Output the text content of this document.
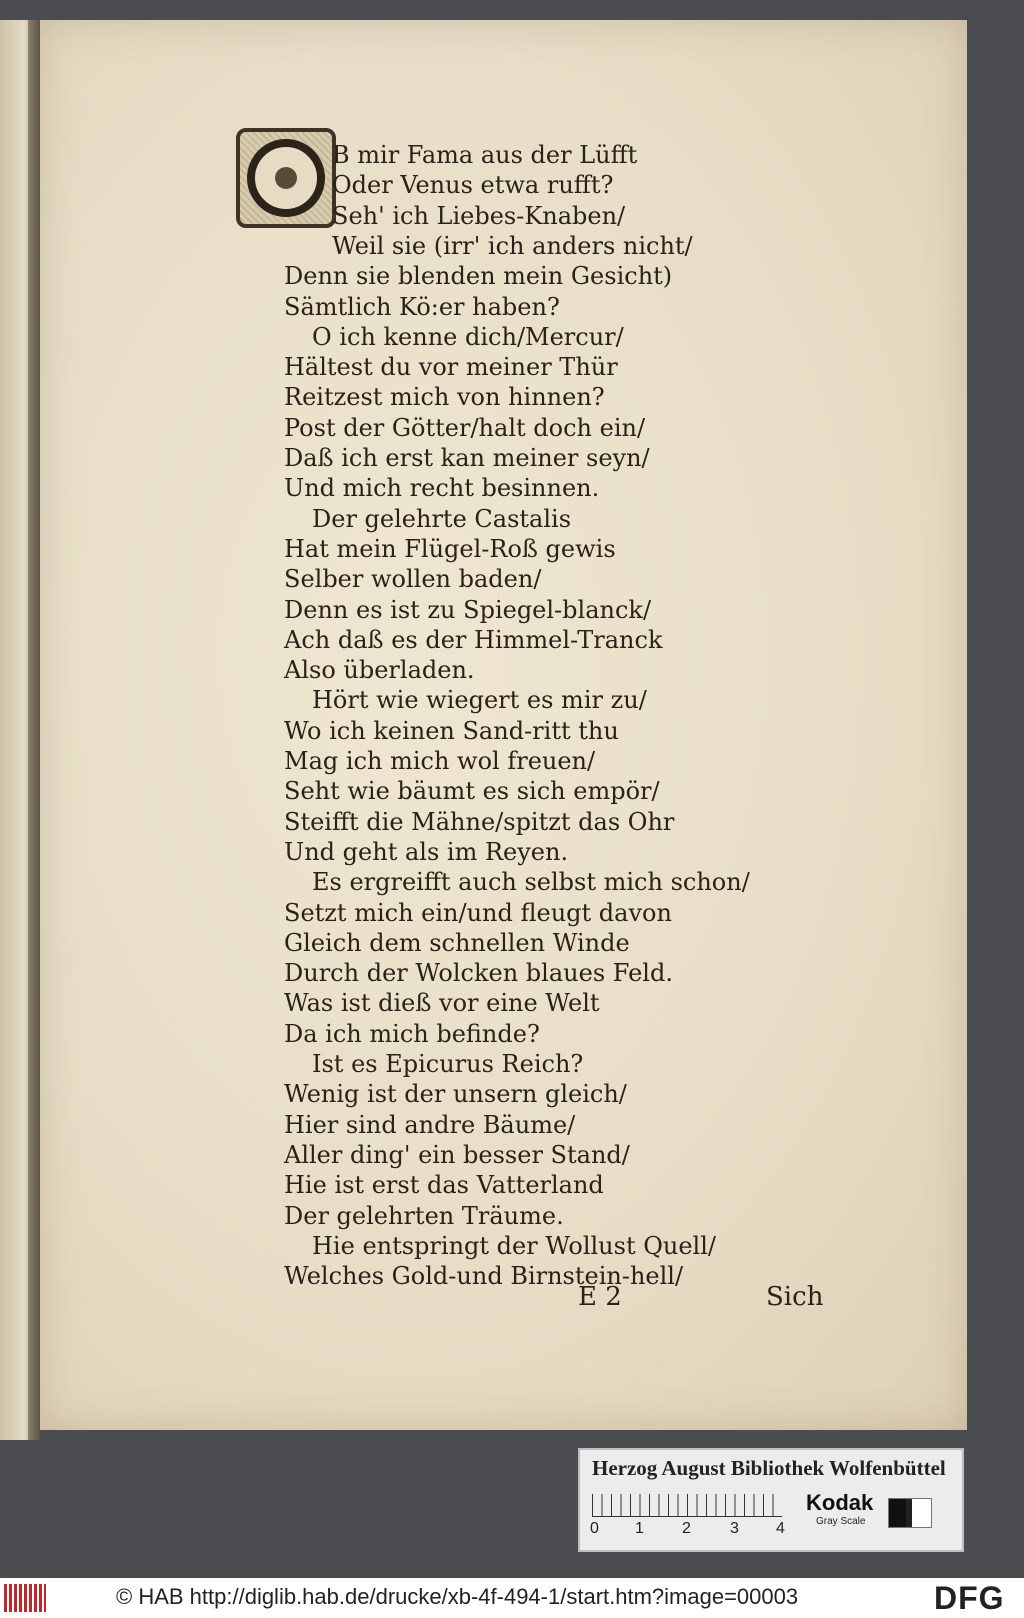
B mir Fama aus der Lüfft
Oder Venus etwa rufft?
Seh' ich Liebes-Knaben/
Weil sie (irr' ich anders nicht/
Denn sie blenden mein Gesicht)
Sämtlich Kö:er haben?
O ich kenne dich/Mercur/
Hältest du vor meiner Thür
Reitzest mich von hinnen?
Post der Götter/halt doch ein/
Daß ich erst kan meiner seyn/
Und mich recht besinnen.
Der gelehrte Castalis
Hat mein Flügel-Roß gewis
Selber wollen baden/
Denn es ist zu Spiegel-blanck/
Ach daß es der Himmel-Tranck
Also überladen.
Hört wie wiegert es mir zu/
Wo ich keinen Sand-ritt thu
Mag ich mich wol freuen/
Seht wie bäumt es sich empör/
Steifft die Mähne/spitzt das Ohr
Und geht als im Reyen.
Es ergreifft auch selbst mich schon/
Setzt mich ein/und fleugt davon
Gleich dem schnellen Winde
Durch der Wolcken blaues Feld.
Was ist dieß vor eine Welt
Da ich mich befinde?
Ist es Epicurus Reich?
Wenig ist der unsern gleich/
Hier sind andre Bäume/
Aller ding' ein besser Stand/
Hie ist erst das Vatterland
Der gelehrten Träume.
Hie entspringt der Wollust Quell/
Welches Gold-und Birnstein-hell/
E 2	Sich
Herzog August Bibliothek Wolfenbüttel
0 1 2 3 4
Kodak
Gray Scale
© HAB http://diglib.hab.de/drucke/xb-4f-494-1/start.htm?image=00003	DFG
